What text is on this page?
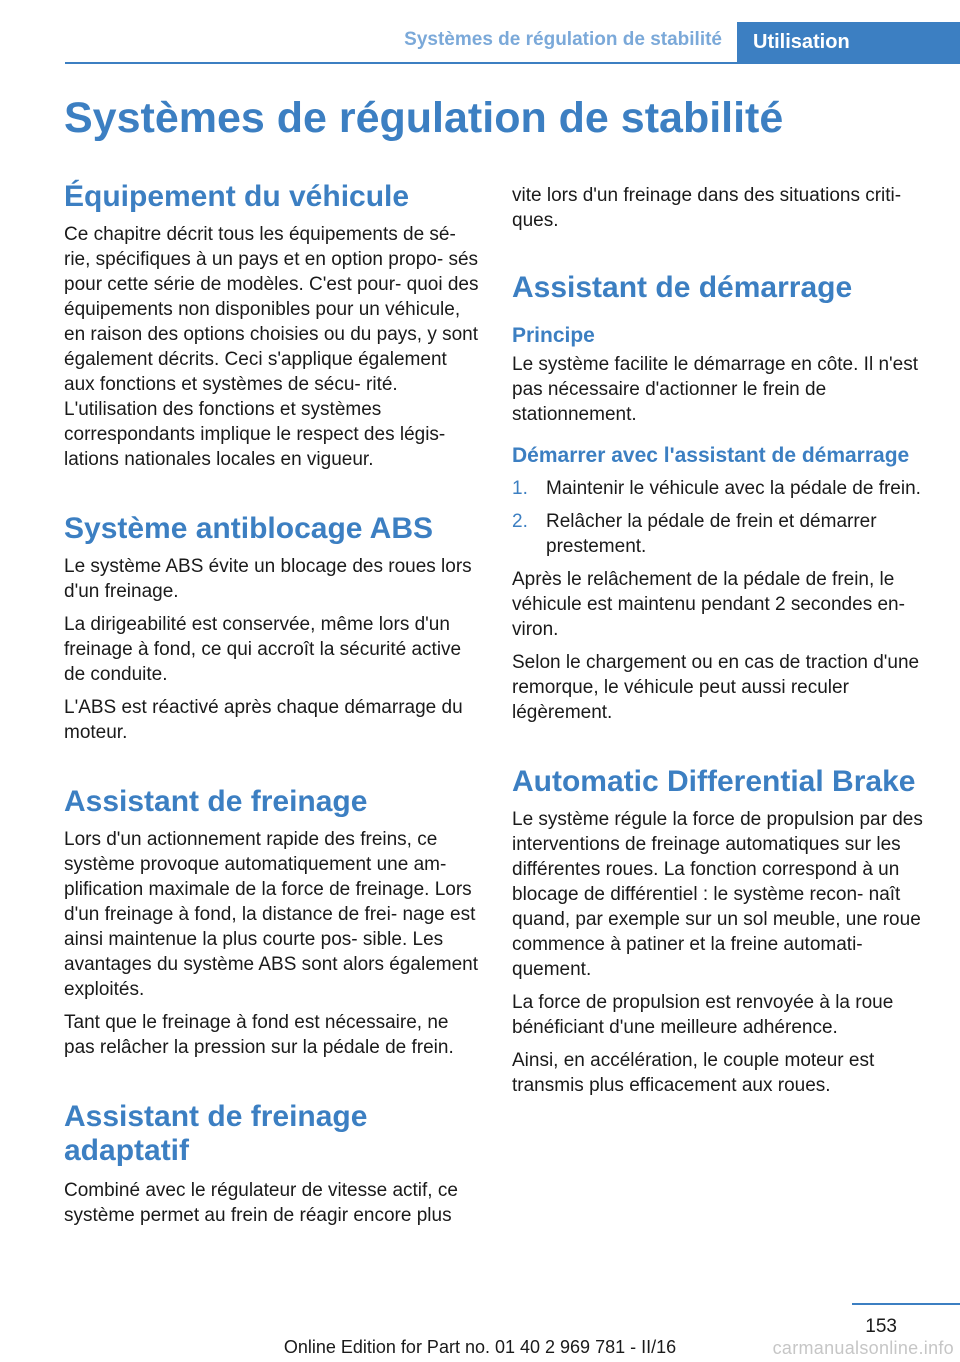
Systèmes de régulation de stabilité	Utilisation
Systèmes de régulation de stabilité
Équipement du véhicule

Ce chapitre décrit tous les équipements de sé‐ rie, spécifiques à un pays et en option propo‐ sés pour cette série de modèles. C'est pour‐ quoi des équipements non disponibles pour un véhicule, en raison des options choisies ou du pays, y sont également décrits. Ceci s'applique également aux fonctions et systèmes de sécu‐ rité. L'utilisation des fonctions et systèmes correspondants implique le respect des légis‐ lations nationales locales en vigueur.

Système antiblocage ABS

Le système ABS évite un blocage des roues lors d'un freinage.

La dirigeabilité est conservée, même lors d'un freinage à fond, ce qui accroît la sécurité active de conduite.

L'ABS est réactivé après chaque démarrage du moteur.

Assistant de freinage

Lors d'un actionnement rapide des freins, ce système provoque automatiquement une am‐ plification maximale de la force de freinage. Lors d'un freinage à fond, la distance de frei‐ nage est ainsi maintenue la plus courte pos‐ sible. Les avantages du système ABS sont alors également exploités.

Tant que le freinage à fond est nécessaire, ne pas relâcher la pression sur la pédale de frein.

Assistant de freinage adaptatif

Combiné avec le régulateur de vitesse actif, ce système permet au frein de réagir encore plus

vite lors d'un freinage dans des situations criti‐ ques.

Assistant de démarrage
Principe

Le système facilite le démarrage en côte. Il n'est pas nécessaire d'actionner le frein de stationnement.

Démarrer avec l'assistant de démarrage
1. Maintenir le véhicule avec la pédale de frein.
2. Relâcher la pédale de frein et démarrer prestement.

Après le relâchement de la pédale de frein, le véhicule est maintenu pendant 2 secondes en‐ viron.

Selon le chargement ou en cas de traction d'une remorque, le véhicule peut aussi reculer légèrement.

Automatic Differential Brake

Le système régule la force de propulsion par des interventions de freinage automatiques sur les différentes roues. La fonction correspond à un blocage de différentiel : le système recon‐ naît quand, par exemple sur un sol meuble, une roue commence à patiner et la freine automati‐ quement.

La force de propulsion est renvoyée à la roue bénéficiant d'une meilleure adhérence.

Ainsi, en accélération, le couple moteur est transmis plus efficacement aux roues.

153
Online Edition for Part no. 01 40 2 969 781 - II/16	carmanualsonline.info
